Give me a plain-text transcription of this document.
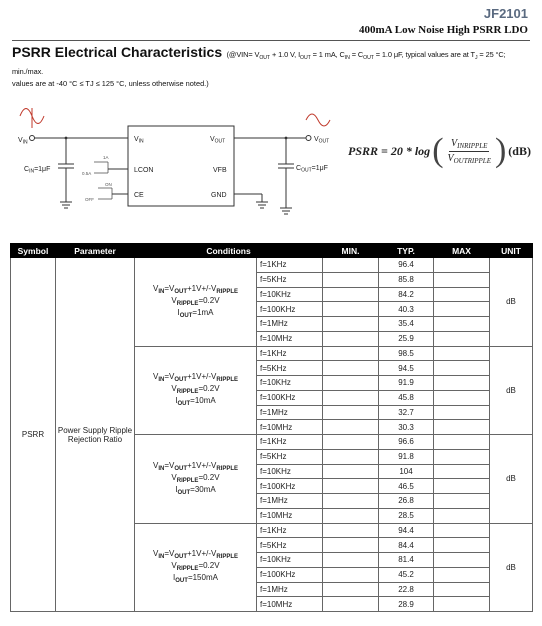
JF2101
400mA Low Noise High PSRR LDO
PSRR Electrical Characteristics (@VIN= $V_{OUT} + 1.0$ V, $I_{OUT} = 1$ mA, $C_{IN} = C_{OUT} = 1.0$ μF, typical values are at $T_J = 25$ °C; min./max.
values are at -40 °C ≤ TJ ≤ 125 °C, unless otherwise noted.)
$V_{IN}$
$C_{IN}=1\mu F$
$V_{IN}$	$V_{OUT}$
LCON	VFB
CE	GND
1A
0.5A
ON
OFF
$C_{OUT}=1\mu F$
$V_{OUT}$
PSRR = 20 * log ( $\frac{V_{INRIPPLE}}{V_{OUTRIPPLE}}$ ) (dB)
Symbol	Parameter	Conditions		MIN.	TYP.	MAX	UNIT
PSRR	Power Supply Ripple Rejection Ratio	$V_{IN}=V_{OUT}+1V+/-V_{RIPPLE}$
$V_{RIPPLE}=0.2V$
$I_{OUT}=1mA$	f=1KHz		96.4		dB
			f=5KHz		85.8		
			f=10KHz		84.2		
			f=100KHz		40.3		
			f=1MHz		35.4		
			f=10MHz		25.9		
		$V_{IN}=V_{OUT}+1V+/-V_{RIPPLE}$
$V_{RIPPLE}=0.2V$
$I_{OUT}=10mA$	f=1KHz		98.5		dB
			f=5KHz		94.5		
			f=10KHz		91.9		
			f=100KHz		45.8		
			f=1MHz		32.7		
			f=10MHz		30.3		
		$V_{IN}=V_{OUT}+1V+/-V_{RIPPLE}$
$V_{RIPPLE}=0.2V$
$I_{OUT}=30mA$	f=1KHz		96.6		dB
			f=5KHz		91.8		
			f=10KHz		104		
			f=100KHz		46.5		
			f=1MHz		26.8		
			f=10MHz		28.5		
		$V_{IN}=V_{OUT}+1V+/-V_{RIPPLE}$
$V_{RIPPLE}=0.2V$
$I_{OUT}=150mA$	f=1KHz		94.4		dB
			f=5KHz		84.4		
			f=10KHz		81.4		
			f=100KHz		45.2		
			f=1MHz		22.8		
			f=10MHz		28.9		
